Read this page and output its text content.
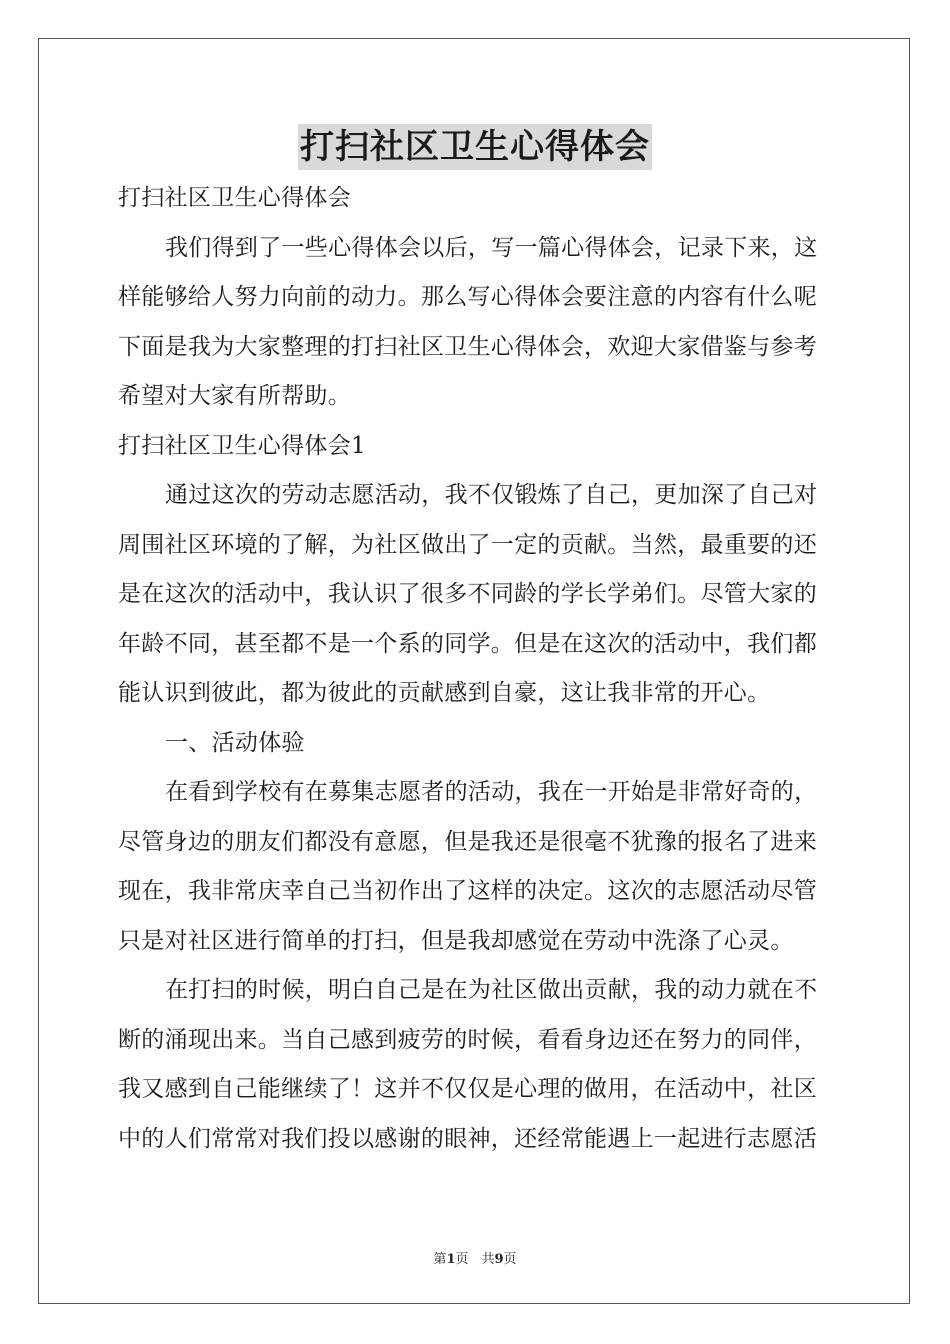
打扫社区卫生心得体会
打扫社区卫生心得体会
我们得到了一些心得体会以后，写一篇心得体会，记录下来，这
样能够给人努力向前的动力。那么写心得体会要注意的内容有什么呢
下面是我为大家整理的打扫社区卫生心得体会，欢迎大家借鉴与参考
希望对大家有所帮助。
打扫社区卫生心得体会1
通过这次的劳动志愿活动，我不仅锻炼了自己，更加深了自己对
周围社区环境的了解，为社区做出了一定的贡献。当然，最重要的还
是在这次的活动中，我认识了很多不同龄的学长学弟们。尽管大家的
年龄不同，甚至都不是一个系的同学。但是在这次的活动中，我们都
能认识到彼此，都为彼此的贡献感到自豪，这让我非常的开心。
一、活动体验
在看到学校有在募集志愿者的活动，我在一开始是非常好奇的，
尽管身边的朋友们都没有意愿，但是我还是很毫不犹豫的报名了进来
现在，我非常庆幸自己当初作出了这样的决定。这次的志愿活动尽管
只是对社区进行简单的打扫，但是我却感觉在劳动中洗涤了心灵。
在打扫的时候，明白自己是在为社区做出贡献，我的动力就在不
断的涌现出来。当自己感到疲劳的时候，看看身边还在努力的同伴，
我又感到自己能继续了！这并不仅仅是心理的做用，在活动中，社区
中的人们常常对我们投以感谢的眼神，还经常能遇上一起进行志愿活
第1页　共9页
